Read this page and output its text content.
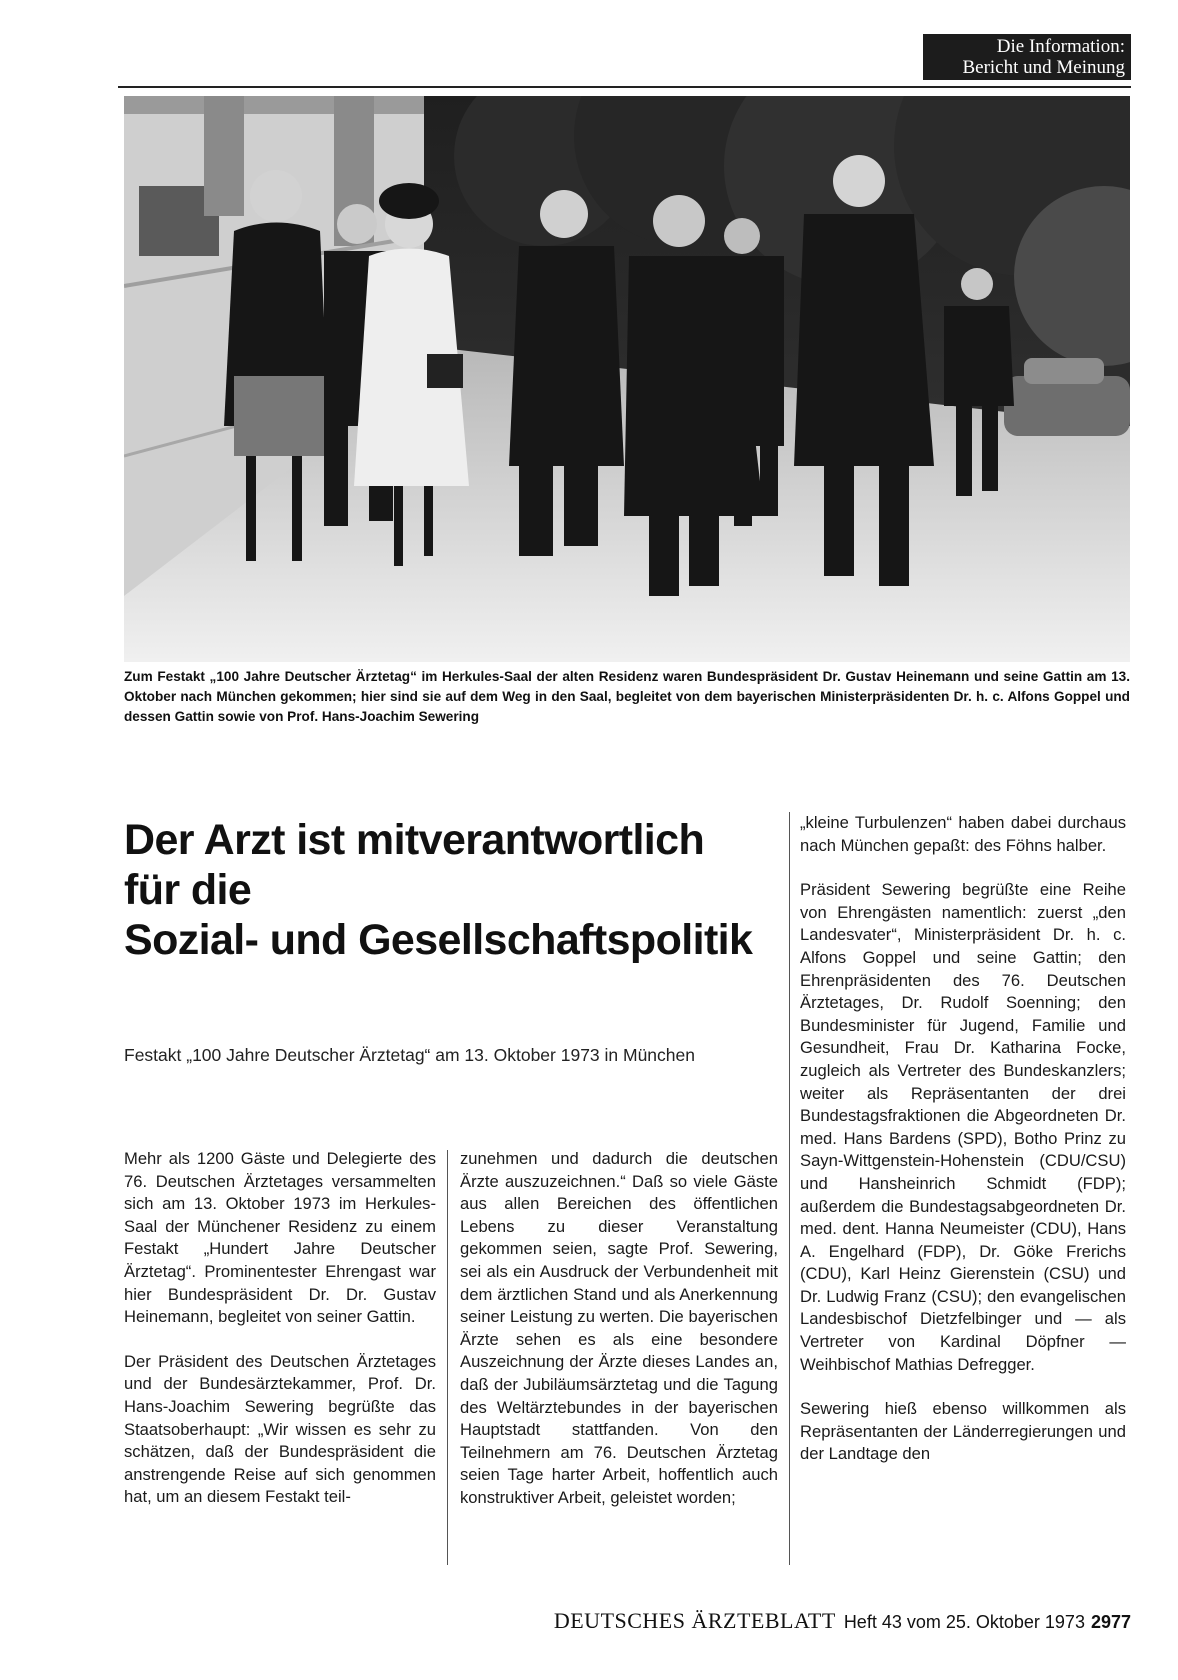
Die Information:
Bericht und Meinung
Zum Festakt „100 Jahre Deutscher Ärztetag“ im Herkules-Saal der alten Residenz waren Bundespräsident Dr. Gustav Heinemann und seine Gattin am 13. Oktober nach München gekommen; hier sind sie auf dem Weg in den Saal, begleitet von dem bayerischen Ministerpräsidenten Dr. h. c. Alfons Goppel und dessen Gattin sowie von Prof. Hans-Joachim Sewering
Der Arzt ist mitverantwortlich
für die
Sozial- und Gesellschaftspolitik
Festakt „100 Jahre Deutscher Ärztetag“ am 13. Oktober 1973 in München

Mehr als 1200 Gäste und Delegierte des 76. Deutschen Ärztetages versammelten sich am 13. Oktober 1973 im Herkules-Saal der Münchener Residenz zu einem Festakt „Hundert Jahre Deutscher Ärztetag“. Prominentester Ehrengast war hier Bundespräsident Dr. Dr. Gustav Heinemann, begleitet von seiner Gattin.

Der Präsident des Deutschen Ärztetages und der Bundesärztekammer, Prof. Dr. Hans-Joachim Sewering begrüßte das Staatsoberhaupt: „Wir wissen es sehr zu schätzen, daß der Bundespräsident die anstrengende Reise auf sich genommen hat, um an diesem Festakt teil-

zunehmen und dadurch die deutschen Ärzte auszuzeichnen.“ Daß so viele Gäste aus allen Bereichen des öffentlichen Lebens zu dieser Veranstaltung gekommen seien, sagte Prof. Sewering, sei als ein Ausdruck der Verbundenheit mit dem ärztlichen Stand und als Anerkennung seiner Leistung zu werten. Die bayerischen Ärzte sehen es als eine besondere Auszeichnung der Ärzte dieses Landes an, daß der Jubiläumsärztetag und die Tagung des Weltärztebundes in der bayerischen Hauptstadt stattfanden. Von den Teilnehmern am 76. Deutschen Ärztetag seien Tage harter Arbeit, hoffentlich auch konstruktiver Arbeit, geleistet worden;

„kleine Turbulenzen“ haben dabei durchaus nach München gepaßt: des Föhns halber.

Präsident Sewering begrüßte eine Reihe von Ehrengästen namentlich: zuerst „den Landesvater“, Ministerpräsident Dr. h. c. Alfons Goppel und seine Gattin; den Ehrenpräsidenten des 76. Deutschen Ärztetages, Dr. Rudolf Soenning; den Bundesminister für Jugend, Familie und Gesundheit, Frau Dr. Katharina Focke, zugleich als Vertreter des Bundeskanzlers; weiter als Repräsentanten der drei Bundestagsfraktionen die Abgeordneten Dr. med. Hans Bardens (SPD), Botho Prinz zu Sayn-Wittgenstein-Hohenstein (CDU/CSU) und Hansheinrich Schmidt (FDP); außerdem die Bundestagsabgeordneten Dr. med. dent. Hanna Neumeister (CDU), Hans A. Engelhard (FDP), Dr. Göke Frerichs (CDU), Karl Heinz Gierenstein (CSU) und Dr. Ludwig Franz (CSU); den evangelischen Landesbischof Dietzfelbinger und — als Vertreter von Kardinal Döpfner — Weihbischof Mathias Defregger.

Sewering hieß ebenso willkommen als Repräsentanten der Länderregierungen und der Landtage den

DEUTSCHES ÄRZTEBLATT Heft 43 vom 25. Oktober 1973 2977
